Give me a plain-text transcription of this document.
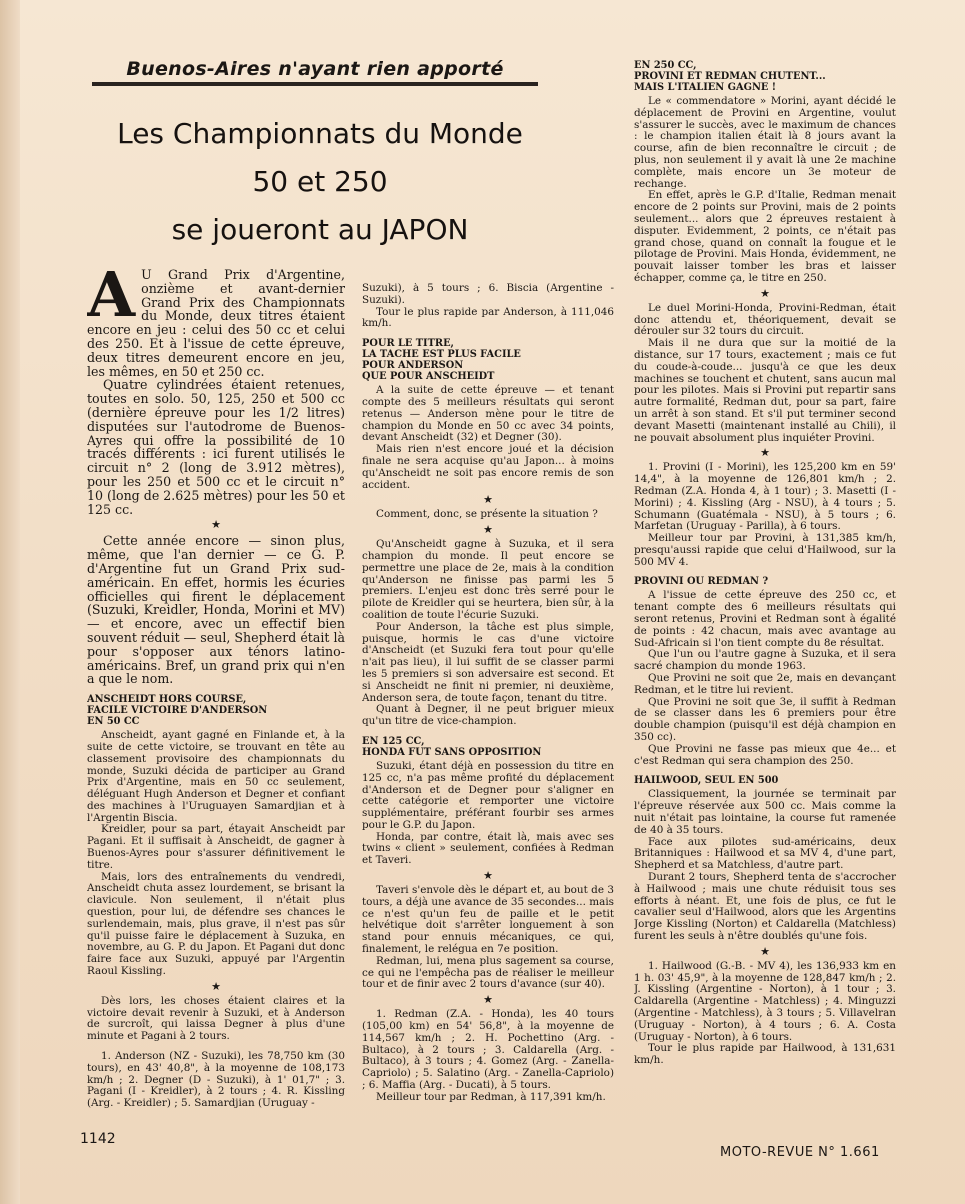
Buenos-Aires n'ayant rien apporté
Les Championnats du Monde
50 et 250
se joueront au JAPON

A U Grand Prix d'Argentine, onzième et avant-dernier Grand Prix des Championnats du Monde, deux titres étaient encore en jeu : celui des 50 cc et celui des 250. Et à l'issue de cette épreuve, deux titres demeurent encore en jeu, les mêmes, en 50 et 250 cc.

Quatre cylindrées étaient retenues, toutes en solo. 50, 125, 250 et 500 cc (dernière épreuve pour les 1/2 litres) disputées sur l'autodrome de Buenos-Ayres qui offre la possibilité de 10 tracés différents : ici furent utilisés le circuit n° 2 (long de 3.912 mètres), pour les 250 et 500 cc et le circuit n° 10 (long de 2.625 mètres) pour les 50 et 125 cc.

★

Cette année encore — sinon plus, même, que l'an dernier — ce G. P. d'Argentine fut un Grand Prix sud-américain. En effet, hormis les écuries officielles qui firent le déplacement (Suzuki, Kreidler, Honda, Morini et MV) — et encore, avec un effectif bien souvent réduit — seul, Shepherd était là pour s'opposer aux ténors latino-américains. Bref, un grand prix qui n'en a que le nom.

ANSCHEIDT HORS COURSE,
FACILE VICTOIRE D'ANDERSON
EN 50 CC

Anscheidt, ayant gagné en Finlande et, à la suite de cette victoire, se trouvant en tête au classement provisoire des championnats du monde, Suzuki décida de participer au Grand Prix d'Argentine, mais en 50 cc seulement, déléguant Hugh Anderson et Degner et confiant des machines à l'Uruguayen Samardjian et à l'Argentin Biscia.

Kreidler, pour sa part, étayait Anscheidt par Pagani. Et il suffisait à Anscheidt, de gagner à Buenos-Ayres pour s'assurer définitivement le titre.

Mais, lors des entraînements du vendredi, Anscheidt chuta assez lourdement, se brisant la clavicule. Non seulement, il n'était plus question, pour lui, de défendre ses chances le surlendemain, mais, plus grave, il n'est pas sûr qu'il puisse faire le déplacement à Suzuka, en novembre, au G. P. du Japon. Et Pagani dut donc faire face aux Suzuki, appuyé par l'Argentin Raoul Kissling.

★

Dès lors, les choses étaient claires et la victoire devait revenir à Suzuki, et à Anderson de surcroît, qui laissa Degner à plus d'une minute et Pagani à 2 tours.

1. Anderson (NZ - Suzuki), les 78,750 km (30 tours), en 43' 40,8", à la moyenne de 108,173 km/h ; 2. Degner (D - Suzuki), à 1' 01,7" ; 3. Pagani (I - Kreidler), à 2 tours ; 4. R. Kissling (Arg. - Kreidler) ; 5. Samardjian (Uruguay -

Suzuki), à 5 tours ; 6. Biscia (Argentine - Suzuki).

Tour le plus rapide par Anderson, à 111,046 km/h.

POUR LE TITRE,
LA TACHE EST PLUS FACILE
POUR ANDERSON
QUE POUR ANSCHEIDT

A la suite de cette épreuve — et tenant compte des 5 meilleurs résultats qui seront retenus — Anderson mène pour le titre de champion du Monde en 50 cc avec 34 points, devant Anscheidt (32) et Degner (30).

Mais rien n'est encore joué et la décision finale ne sera acquise qu'au Japon... à moins qu'Anscheidt ne soit pas encore remis de son accident.

★

Comment, donc, se présente la situation ?

★

Qu'Anscheidt gagne à Suzuka, et il sera champion du monde. Il peut encore se permettre une place de 2e, mais à la condition qu'Anderson ne finisse pas parmi les 5 premiers. L'enjeu est donc très serré pour le pilote de Kreidler qui se heurtera, bien sûr, à la coalition de toute l'écurie Suzuki.

Pour Anderson, la tâche est plus simple, puisque, hormis le cas d'une victoire d'Anscheidt (et Suzuki fera tout pour qu'elle n'ait pas lieu), il lui suffit de se classer parmi les 5 premiers si son adversaire est second. Et si Anscheidt ne finit ni premier, ni deuxième, Anderson sera, de toute façon, tenant du titre.

Quant à Degner, il ne peut briguer mieux qu'un titre de vice-champion.

EN 125 CC,
HONDA FUT SANS OPPOSITION

Suzuki, étant déjà en possession du titre en 125 cc, n'a pas même profité du déplacement d'Anderson et de Degner pour s'aligner en cette catégorie et remporter une victoire supplémentaire, préférant fourbir ses armes pour le G.P. du Japon.

Honda, par contre, était là, mais avec ses twins « client » seulement, confiées à Redman et Taveri.

★

Taveri s'envole dès le départ et, au bout de 3 tours, a déjà une avance de 35 secondes... mais ce n'est qu'un feu de paille et le petit helvétique doit s'arrêter longuement à son stand pour ennuis mécaniques, ce qui, finalement, le relégua en 7e position.

Redman, lui, mena plus sagement sa course, ce qui ne l'empêcha pas de réaliser le meilleur tour et de finir avec 2 tours d'avance (sur 40).

★

1. Redman (Z.A. - Honda), les 40 tours (105,00 km) en 54' 56,8", à la moyenne de 114,567 km/h ; 2. H. Pochettino (Arg. - Bultaco), à 2 tours ; 3. Caldarella (Arg. - Bultaco), à 3 tours ; 4. Gomez (Arg. - Zanella-Capriolo) ; 5. Salatino (Arg. - Zanella-Capriolo) ; 6. Maffia (Arg. - Ducati), à 5 tours.

Meilleur tour par Redman, à 117,391 km/h.

EN 250 CC,
PROVINI ET REDMAN CHUTENT...
MAIS L'ITALIEN GAGNE !

Le « commendatore » Morini, ayant décidé le déplacement de Provini en Argentine, voulut s'assurer le succès, avec le maximum de chances : le champion italien était là 8 jours avant la course, afin de bien reconnaître le circuit ; de plus, non seulement il y avait là une 2e machine complète, mais encore un 3e moteur de rechange.

En effet, après le G.P. d'Italie, Redman menait encore de 2 points sur Provini, mais de 2 points seulement... alors que 2 épreuves restaient à disputer. Evidemment, 2 points, ce n'était pas grand chose, quand on connaît la fougue et le pilotage de Provini. Mais Honda, évidemment, ne pouvait laisser tomber les bras et laisser échapper, comme ça, le titre en 250.

★

Le duel Morini-Honda, Provini-Redman, était donc attendu et, théoriquement, devait se dérouler sur 32 tours du circuit.

Mais il ne dura que sur la moitié de la distance, sur 17 tours, exactement ; mais ce fut du coude-à-coude... jusqu'à ce que les deux machines se touchent et chutent, sans aucun mal pour les pilotes. Mais si Provini put repartir sans autre formalité, Redman dut, pour sa part, faire un arrêt à son stand. Et s'il put terminer second devant Masetti (maintenant installé au Chili), il ne pouvait absolument plus inquiéter Provini.

★

1. Provini (I - Morini), les 125,200 km en 59' 14,4", à la moyenne de 126,801 km/h ; 2. Redman (Z.A. Honda 4, à 1 tour) ; 3. Masetti (I - Morini) ; 4. Kissling (Arg - NSU), à 4 tours ; 5. Schumann (Guatémala - NSU), à 5 tours ; 6. Marfetan (Uruguay - Parilla), à 6 tours.

Meilleur tour par Provini, à 131,385 km/h, presqu'aussi rapide que celui d'Hailwood, sur la 500 MV 4.

PROVINI OU REDMAN ?

A l'issue de cette épreuve des 250 cc, et tenant compte des 6 meilleurs résultats qui seront retenus, Provini et Redman sont à égalité de points : 42 chacun, mais avec avantage au Sud-Africain si l'on tient compte du 8e résultat.

Que l'un ou l'autre gagne à Suzuka, et il sera sacré champion du monde 1963.

Que Provini ne soit que 2e, mais en devançant Redman, et le titre lui revient.

Que Provini ne soit que 3e, il suffit à Redman de se classer dans les 6 premiers pour être double champion (puisqu'il est déjà champion en 350 cc).

Que Provini ne fasse pas mieux que 4e... et c'est Redman qui sera champion des 250.

HAILWOOD, SEUL EN 500

Classiquement, la journée se terminait par l'épreuve réservée aux 500 cc. Mais comme la nuit n'était pas lointaine, la course fut ramenée de 40 à 35 tours.

Face aux pilotes sud-américains, deux Britanniques : Hailwood et sa MV 4, d'une part, Shepherd et sa Matchless, d'autre part.

Durant 2 tours, Shepherd tenta de s'accrocher à Hailwood ; mais une chute réduisit tous ses efforts à néant. Et, une fois de plus, ce fut le cavalier seul d'Hailwood, alors que les Argentins Jorge Kissling (Norton) et Caldarella (Matchless) furent les seuls à n'être doublés qu'une fois.

★

1. Hailwood (G.-B. - MV 4), les 136,933 km en 1 h. 03' 45,9", à la moyenne de 128,847 km/h ; 2. J. Kissling (Argentine - Norton), à 1 tour ; 3. Caldarella (Argentine - Matchless) ; 4. Minguzzi (Argentine - Matchless), à 3 tours ; 5. Villavelran (Uruguay - Norton), à 4 tours ; 6. A. Costa (Uruguay - Norton), à 6 tours.

Tour le plus rapide par Hailwood, à 131,631 km/h.

1142
MOTO-REVUE N° 1.661
